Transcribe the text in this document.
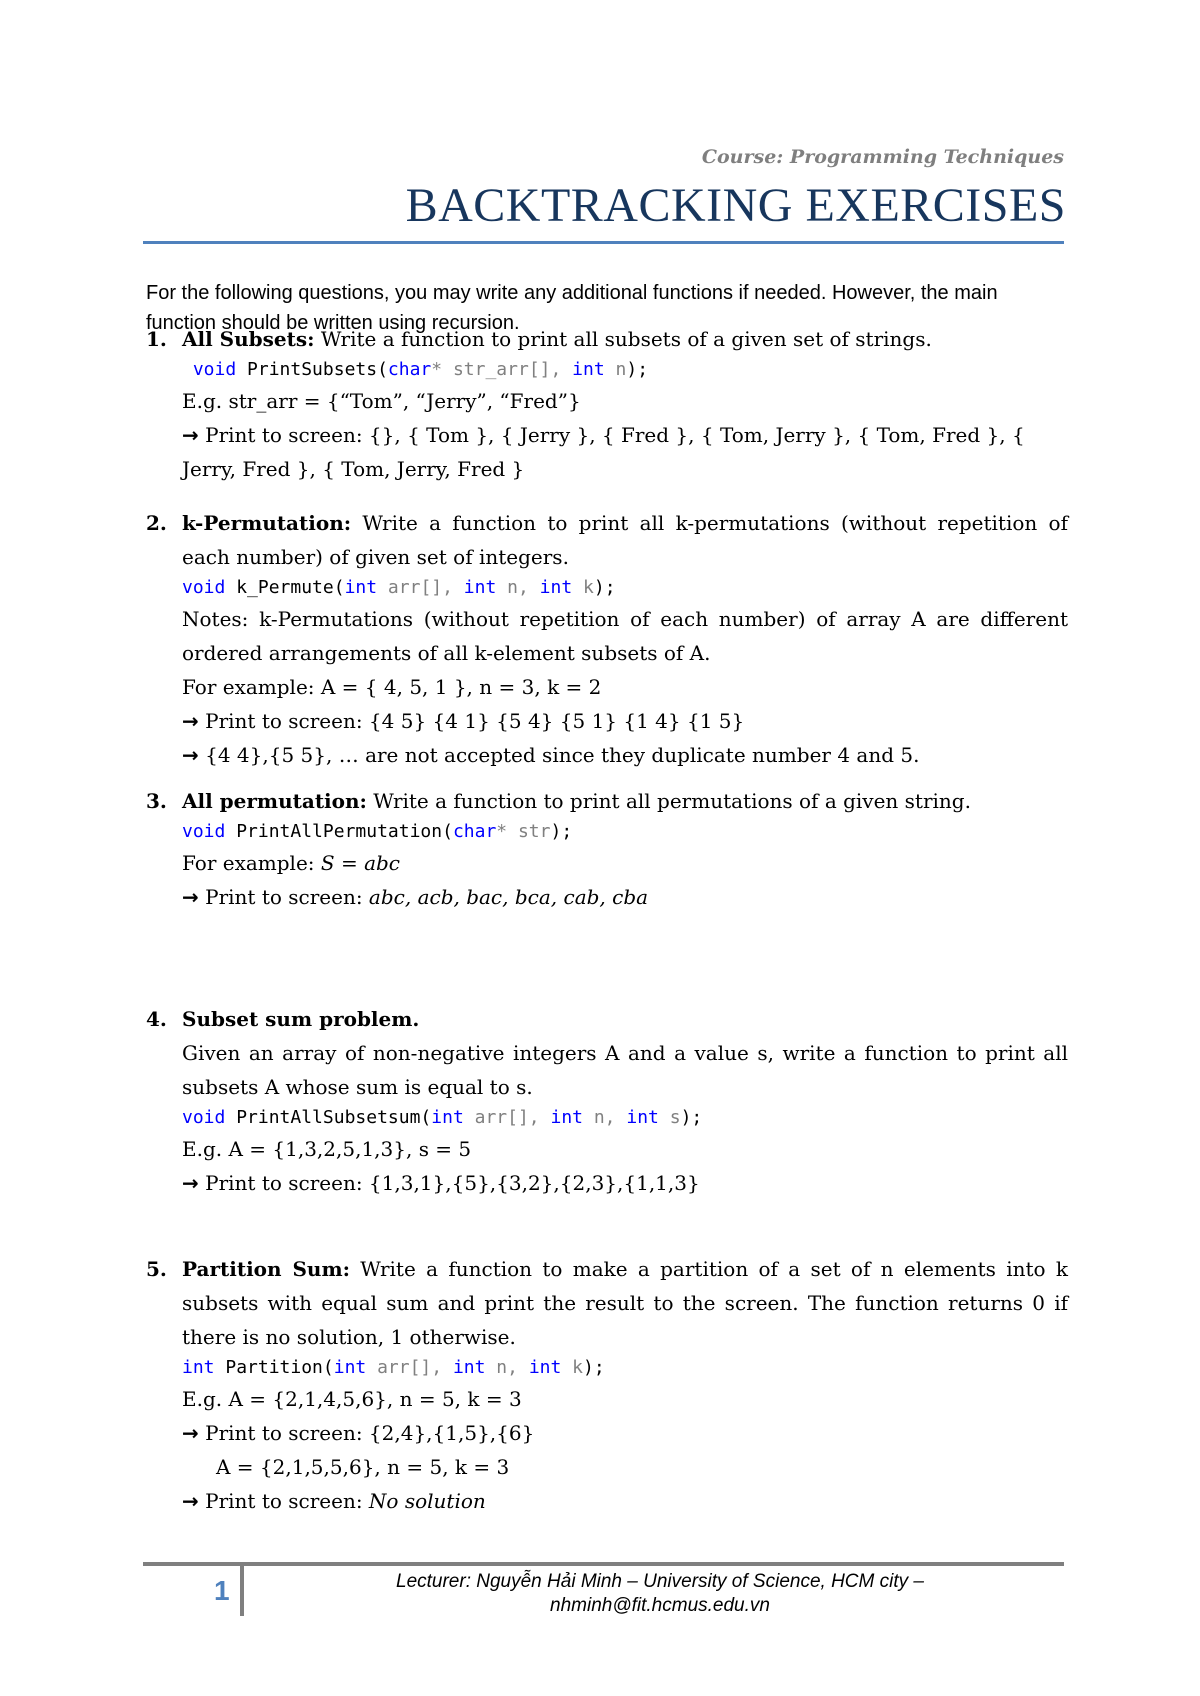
Course: Programming Techniques
BACKTRACKING EXERCISES
For the following questions, you may write any additional functions if needed. However, the main function should be written using recursion.
1. All Subsets: Write a function to print all subsets of a given set of strings.
void PrintSubsets(char* str_arr[], int n);
E.g. str_arr = {“Tom”, “Jerry”, “Fred”}
→ Print to screen: {}, { Tom }, { Jerry }, { Fred }, { Tom, Jerry }, { Tom, Fred }, { Jerry, Fred }, { Tom, Jerry, Fred }
2. k-Permutation: Write a function to print all k-permutations (without repetition of each number) of given set of integers.
void k_Permute(int arr[], int n, int k);
Notes: k-Permutations (without repetition of each number) of array A are different ordered arrangements of all k-element subsets of A.
For example: A = { 4, 5, 1 }, n = 3, k = 2
→ Print to screen: {4 5} {4 1} {5 4} {5 1} {1 4} {1 5}
→ {4 4},{5 5}, … are not accepted since they duplicate number 4 and 5.
3. All permutation: Write a function to print all permutations of a given string.
void PrintAllPermutation(char* str);
For example: S = abc
→ Print to screen: abc, acb, bac, bca, cab, cba
4. Subset sum problem.
Given an array of non-negative integers A and a value s, write a function to print all subsets A whose sum is equal to s.
void PrintAllSubsetsum(int arr[], int n, int s);
E.g. A = {1,3,2,5,1,3}, s = 5
→ Print to screen: {1,3,1},{5},{3,2},{2,3},{1,1,3}
5. Partition Sum: Write a function to make a partition of a set of n elements into k subsets with equal sum and print the result to the screen. The function returns 0 if there is no solution, 1 otherwise.
int Partition(int arr[], int n, int k);
E.g. A = {2,1,4,5,6}, n = 5, k = 3
→ Print to screen: {2,4},{1,5},{6}
A = {2,1,5,5,6}, n = 5, k = 3
→ Print to screen: No solution
1	Lecturer: Nguyễn Hải Minh – University of Science, HCM city –
nhminh@fit.hcmus.edu.vn
